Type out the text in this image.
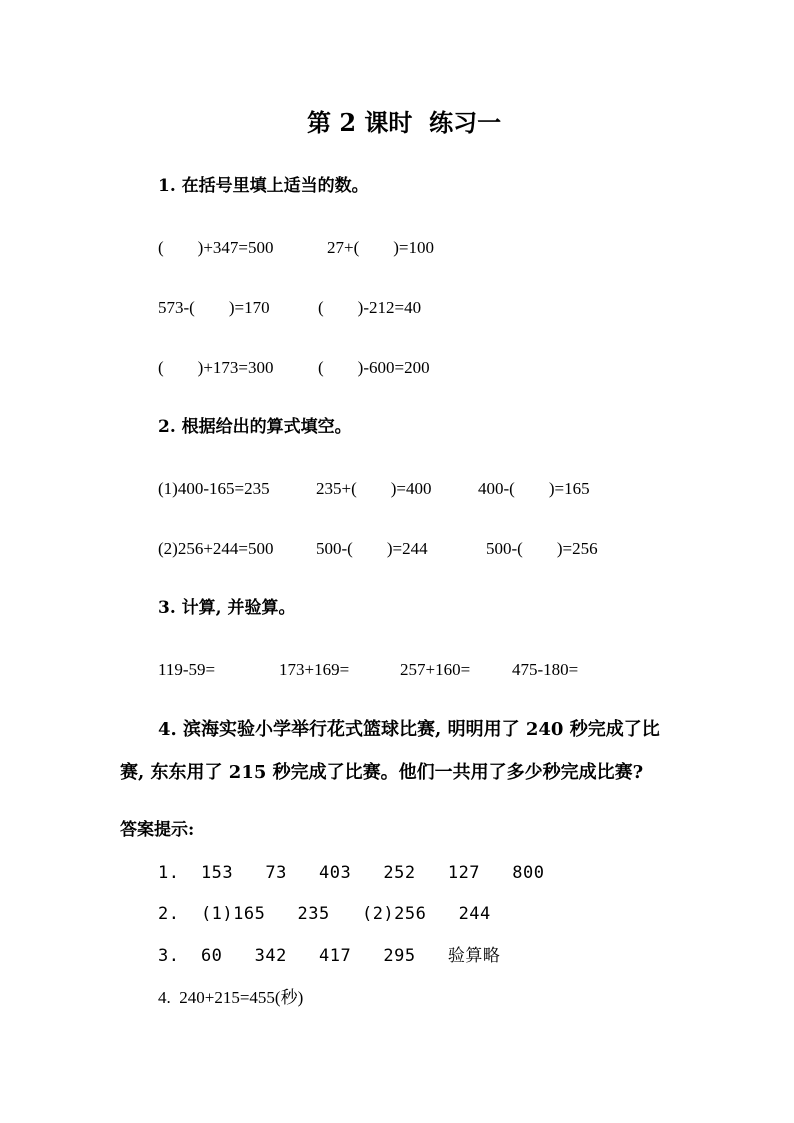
第 2 课时  练习一
1. 在括号里填上适当的数。
(        )+347=500	27+(        )=100
573-(        )=170	(        )-212=40
(        )+173=300	(        )-600=200
2. 根据给出的算式填空。
(1)400-165=235	235+(        )=400	400-(        )=165
(2)256+244=500	500-(        )=244	500-(        )=256
3. 计算, 并验算。
119-59=	173+169=	257+160= 475-180=
4. 滨海实验小学举行花式篮球比赛, 明明用了 240 秒完成了比
赛, 东东用了 215 秒完成了比赛。他们一共用了多少秒完成比赛?
答案提示:
1.  153   73   403   252   127   800
2.  (1)165   235   (2)256   244
3.  60   342   417   295   验算略
4.  240+215=455(秒)
